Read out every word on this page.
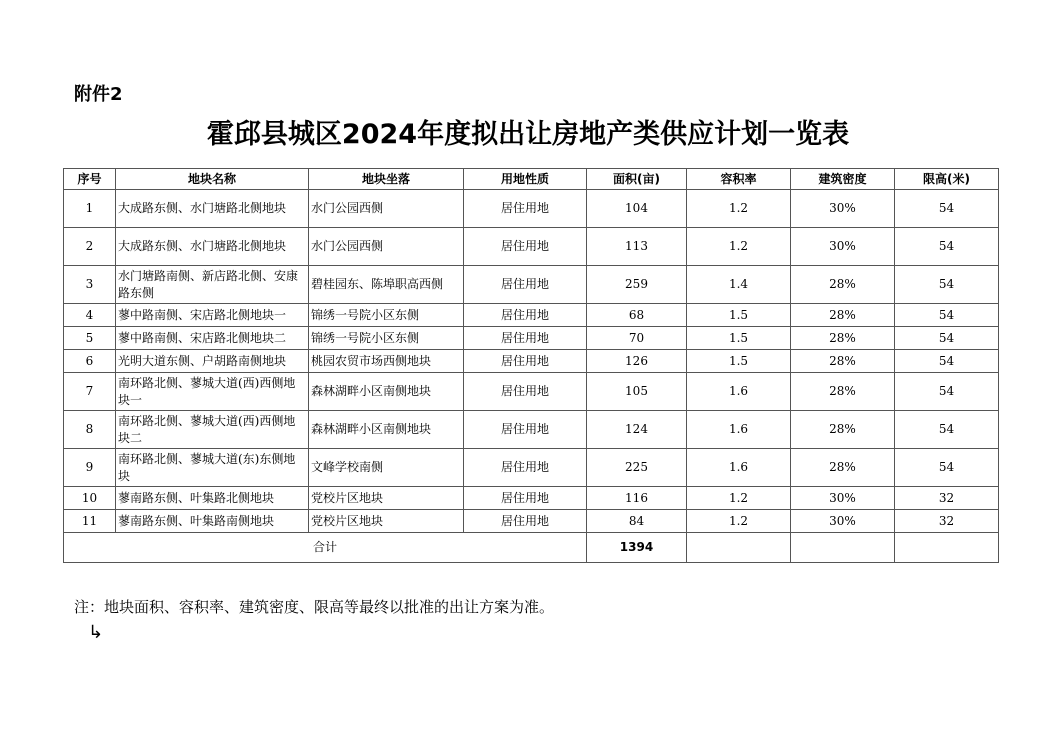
附件2
霍邱县城区2024年度拟出让房地产类供应计划一览表
序号	地块名称	地块坐落	用地性质	面积(亩)	容积率	建筑密度	限高(米)
1	大成路东侧、水门塘路北侧地块	水门公园西侧	居住用地	104	1.2	30%	54
2	大成路东侧、水门塘路北侧地块	水门公园西侧	居住用地	113	1.2	30%	54
3	水门塘路南侧、新店路北侧、安康路东侧	碧桂园东、陈埠职高西侧	居住用地	259	1.4	28%	54
4	蓼中路南侧、宋店路北侧地块一	锦绣一号院小区东侧	居住用地	68	1.5	28%	54
5	蓼中路南侧、宋店路北侧地块二	锦绣一号院小区东侧	居住用地	70	1.5	28%	54
6	光明大道东侧、户胡路南侧地块	桃园农贸市场西侧地块	居住用地	126	1.5	28%	54
7	南环路北侧、蓼城大道(西)西侧地块一	森林湖畔小区南侧地块	居住用地	105	1.6	28%	54
8	南环路北侧、蓼城大道(西)西侧地块二	森林湖畔小区南侧地块	居住用地	124	1.6	28%	54
9	南环路北侧、蓼城大道(东)东侧地块	文峰学校南侧	居住用地	225	1.6	28%	54
10	蓼南路东侧、叶集路北侧地块	党校片区地块	居住用地	116	1.2	30%	32
11	蓼南路东侧、叶集路南侧地块	党校片区地块	居住用地	84	1.2	30%	32
合计				1394			
注：地块面积、容积率、建筑密度、限高等最终以批准的出让方案为准。
↳
